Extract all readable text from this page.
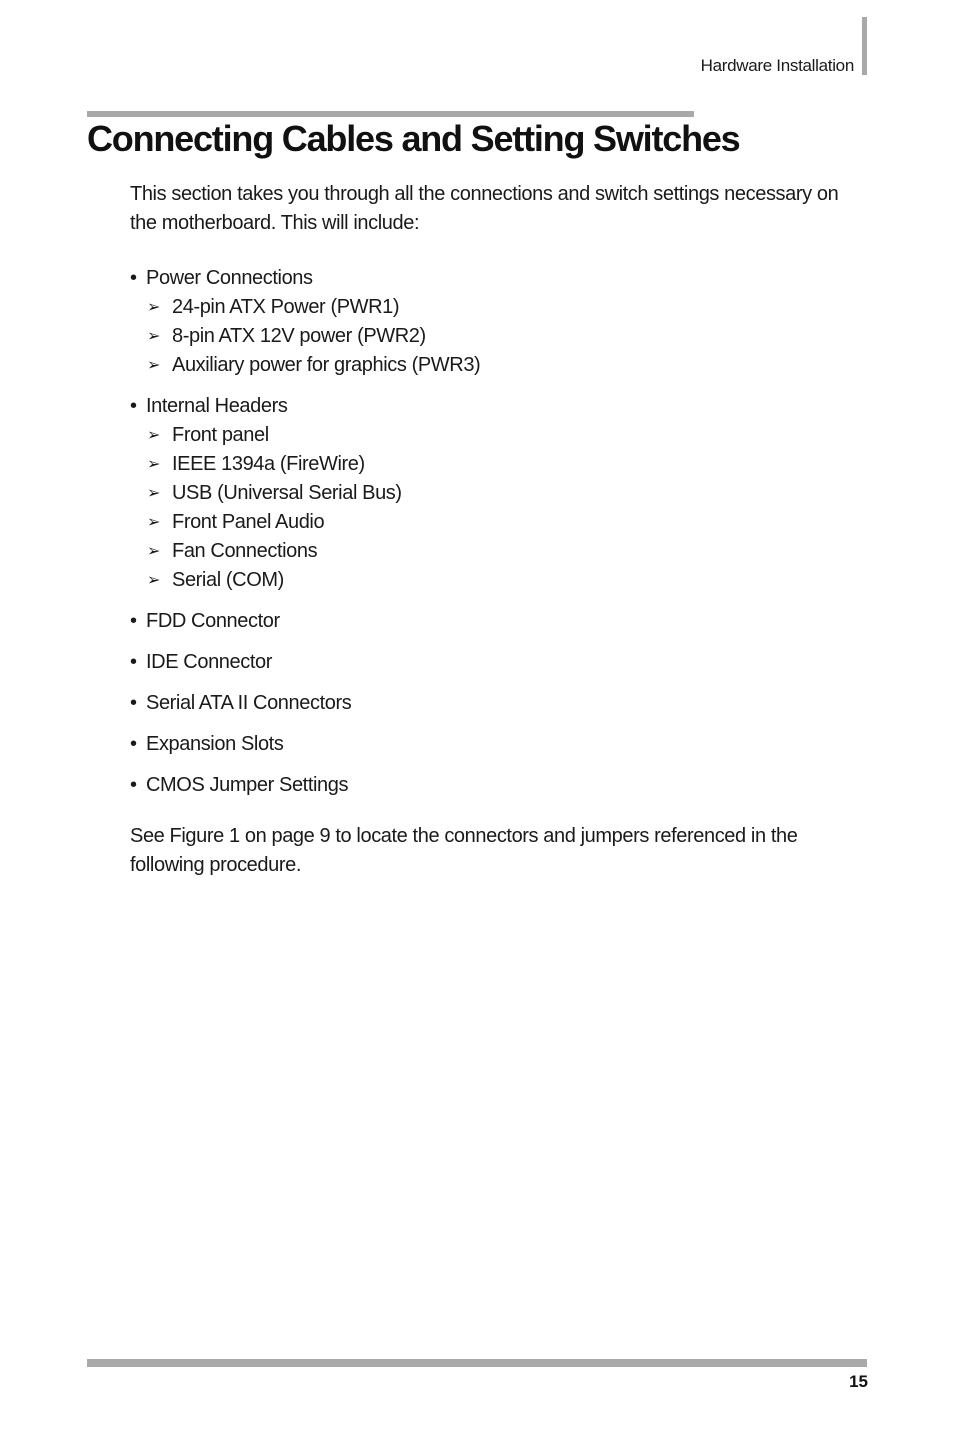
Hardware Installation
Connecting Cables and Setting Switches

This section takes you through all the connections and switch settings necessary on the motherboard. This will include:

• Power Connections
➢ 24-pin ATX Power (PWR1)
➢ 8-pin ATX 12V power (PWR2)
➢ Auxiliary power for graphics (PWR3)
• Internal Headers
➢ Front panel
➢ IEEE 1394a (FireWire)
➢ USB (Universal Serial Bus)
➢ Front Panel Audio
➢ Fan Connections
➢ Serial (COM)
• FDD Connector
• IDE Connector
• Serial ATA II Connectors
• Expansion Slots
• CMOS Jumper Settings

See Figure 1 on page 9 to locate the connectors and jumpers referenced in the following procedure.

15
